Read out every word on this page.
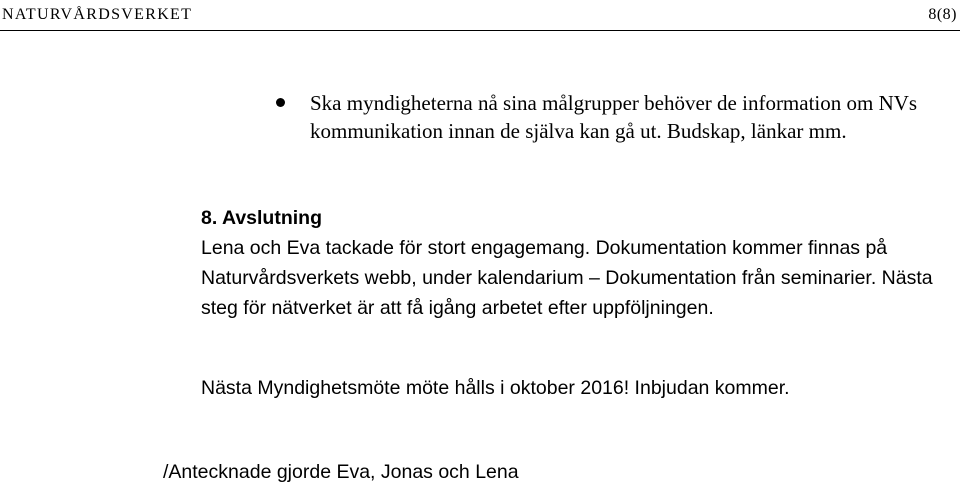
NATURVÅRDSVERKET	8(8)
Ska myndigheterna nå sina målgrupper behöver de information om NVs kommunikation innan de själva kan gå ut. Budskap, länkar mm.
8. Avslutning
Lena och Eva tackade för stort engagemang. Dokumentation kommer finnas på Naturvårdsverkets webb, under kalendarium – Dokumentation från seminarier. Nästa steg för nätverket är att få igång arbetet efter uppföljningen.
Nästa Myndighetsmöte möte hålls i oktober 2016! Inbjudan kommer.
/Antecknade gjorde Eva, Jonas och Lena
